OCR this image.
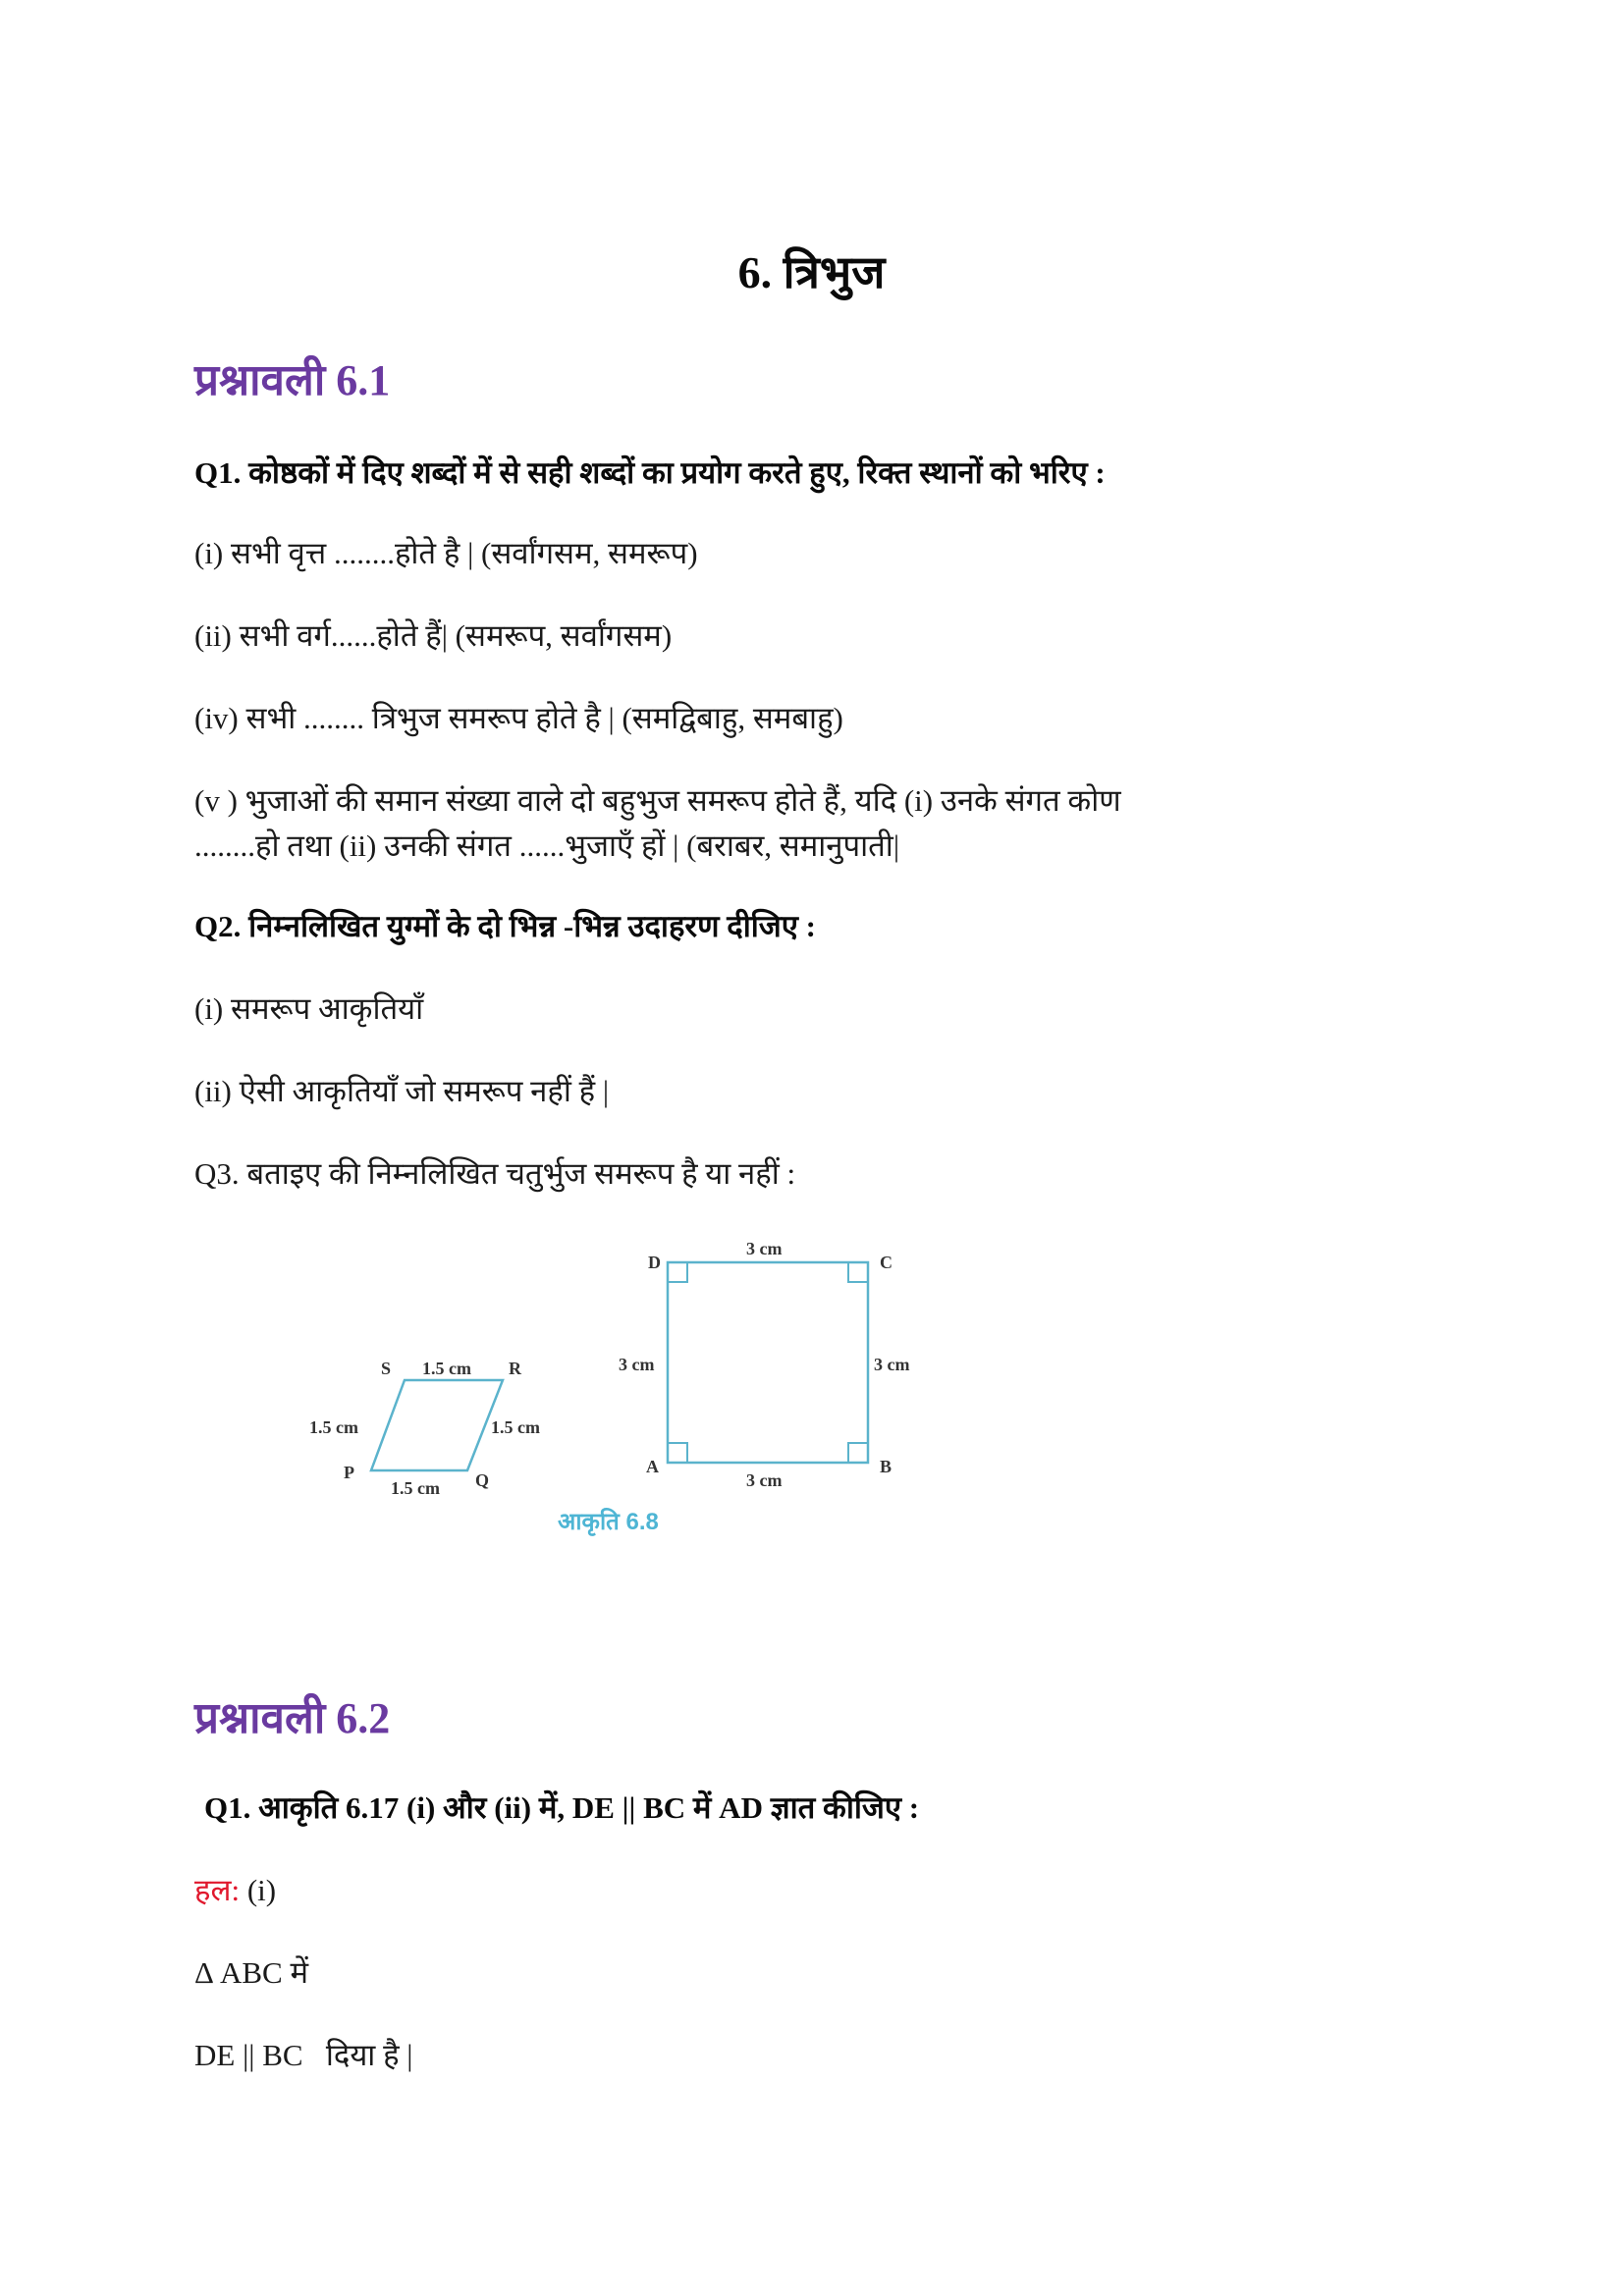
6. त्रिभुज
प्रश्नावली 6.1
Q1. कोष्ठकों में दिए शब्दों में से सही शब्दों का प्रयोग करते हुए, रिक्त स्थानों को भरिए :
(i) सभी वृत्त ........होते है | (सर्वांगसम, समरूप)
(ii) सभी वर्ग......होते हैं| (समरूप, सर्वांगसम)
(iv) सभी ........ त्रिभुज समरूप होते है | (समद्विबाहु, समबाहु)
(v ) भुजाओं की समान संख्या वाले दो बहुभुज समरूप होते हैं, यदि (i) उनके संगत कोण
........हो तथा (ii) उनकी संगत ......भुजाएँ हों | (बराबर, समानुपाती|
Q2. निम्नलिखित युग्मों के दो भिन्न -भिन्न उदाहरण दीजिए :
(i) समरूप आकृतियाँ
(ii) ऐसी आकृतियाँ जो समरूप नहीं हैं |
Q3. बताइए की निम्नलिखित चतुर्भुज समरूप है या नहीं :
S	R
P	Q
1.5 cm
1.5 cm	1.5 cm
1.5 cm
D	C
A	B
3 cm
3 cm	3 cm
3 cm
आकृति 6.8
प्रश्नावली 6.2
Q1. आकृति 6.17 (i) और (ii) में, DE || BC में AD ज्ञात कीजिए :
हल: (i)
Δ ABC में
DE || BC   दिया है |
